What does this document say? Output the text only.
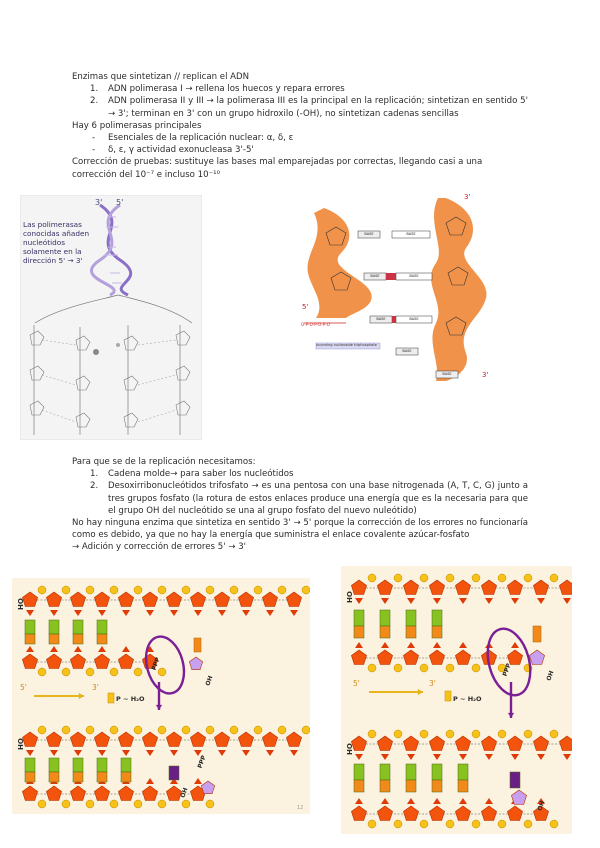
Enzimas que sintetizan // replican el ADN
1. ADN polimerasa I → rellena los huecos y repara errores
2. ADN polimerasa II y III → la polimerasa III es la principal en la replicación; sintetizan en sentido 5' → 3'; terminan en 3' con un grupo hidroxilo (-OH), no sintetizan cadenas sencillas
Hay 6 polimerasas principales
- Esenciales de la replicación nuclear: α, δ, ε
- δ, ε, γ actividad exonucleasa 3'-5'
Corrección de pruebas: sustituye las bases mal emparejadas por correctas, llegando casi a una
corrección del 10⁻⁷ e incluso 10⁻¹⁰
Las polimerasas
conocidas añaden
nucleótidos
solamente en la
dirección 5' → 3'
3' 5'
O-P-O-P-O-P-O
3'
3'
5'
incoming nucleoside triphosphate
BASE	BASE
BASE	BASE
BASE	BASE
BASE
BASE
Para que se de la replicación necesitamos:
1. Cadena molde→ para saber los nucleótidos
2. Desoxirribonucleótidos trifosfato → es una pentosa con una base nitrogenada (A, T, C, G) junto a tres grupos fosfato (la rotura de estos enlaces produce una energía que es la necesaria para que el grupo OH del nucleótido se una al grupo fosfato del nuevo nuleótido)
No hay ninguna enzima que sintetiza en sentido 3' → 5' porque la corrección de los errores no funcionaría como es debido, ya que no hay la energía que suministra el enlace covalente azúcar-fosfato
→ Adición y corrección de errores 5' → 3'
HO
HO
OH
OH
5'	3'
P ~ H₂O
PPP
PPP
12
HO
HO
OH
OH
5'	3'
P ~ H₂O
PPP
